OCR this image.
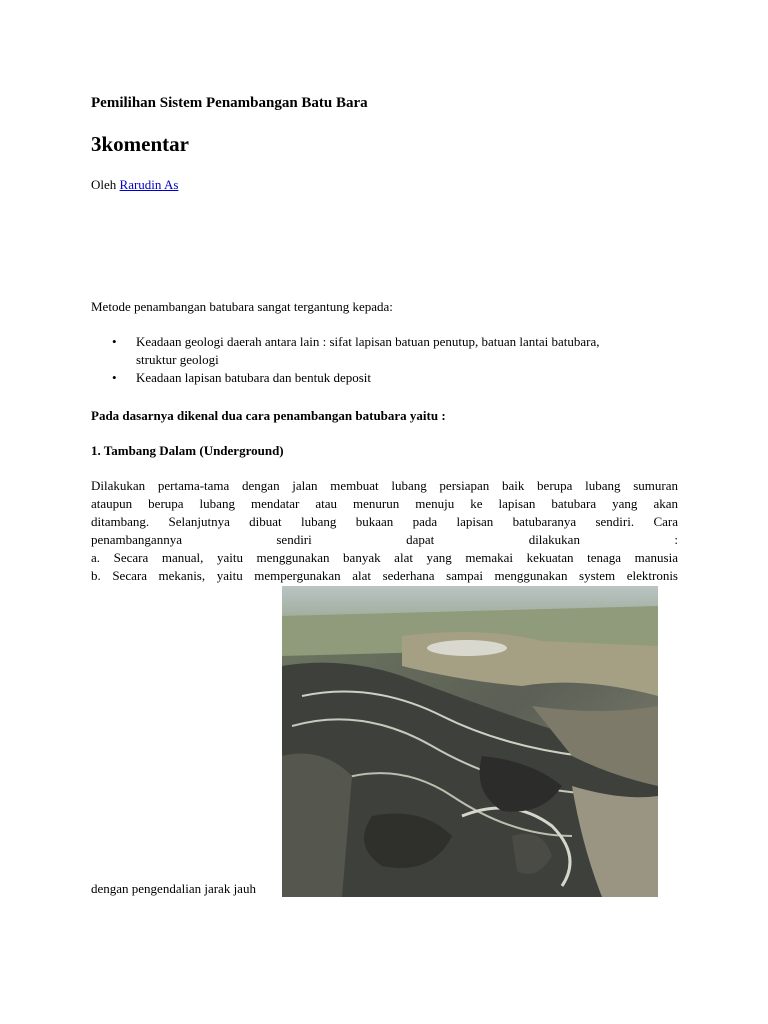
Pemilihan Sistem Penambangan Batu Bara

3komentar

Oleh Rarudin As

Metode penambangan batubara sangat tergantung kepada:

• Keadaan geologi daerah antara lain : sifat lapisan batuan penutup, batuan lantai batubara,
struktur geologi
• Keadaan lapisan batubara dan bentuk deposit

Pada dasarnya dikenal dua cara penambangan batubara yaitu :

1. Tambang Dalam (Underground)

Dilakukan pertama-tama dengan jalan membuat lubang persiapan baik berupa lubang sumuran
ataupun berupa lubang mendatar atau menurun menuju ke lapisan batubara yang akan
ditambang. Selanjutnya dibuat lubang bukaan pada lapisan batubaranya sendiri. Cara
penambangannya	sendiri	dapat	dilakukan	:
a. Secara manual, yaitu menggunakan banyak alat yang memakai kekuatan tenaga manusia
b. Secara mekanis, yaitu mempergunakan alat sederhana sampai menggunakan system elektronis

dengan pengendalian jarak jauh
